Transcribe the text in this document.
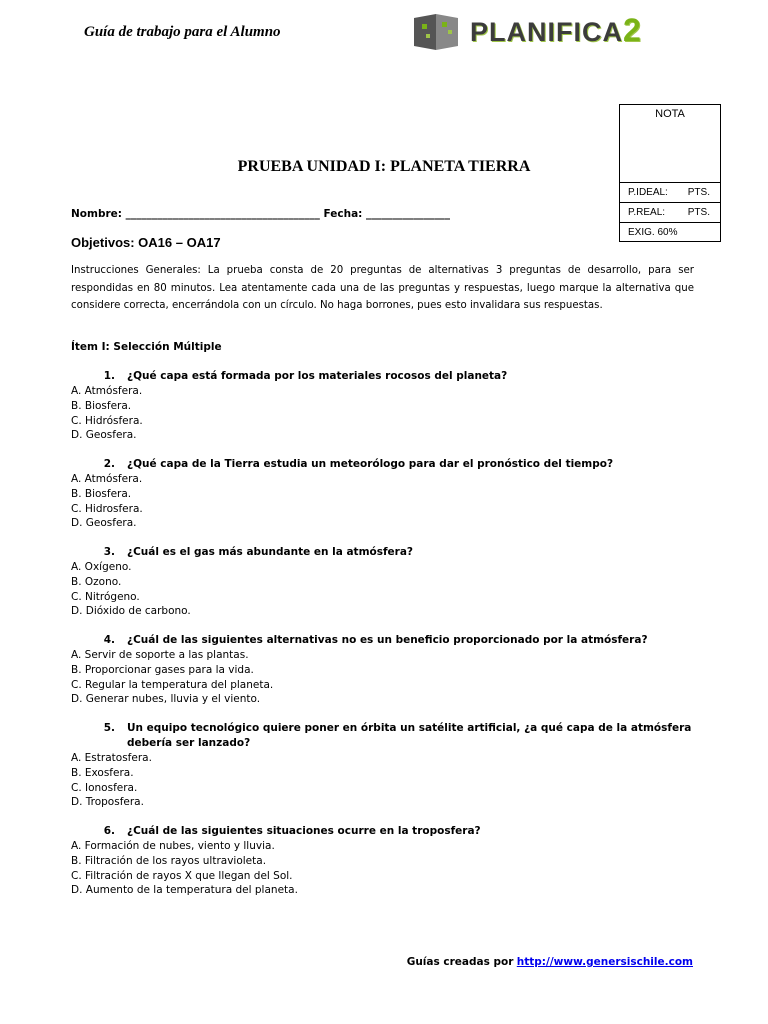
Guía de trabajo para el Alumno	PLANIFICA2
NOTA
P.IDEAL: PTS.
P.REAL: PTS.
EXIG. 60%
PRUEBA UNIDAD I: PLANETA TIERRA
Nombre: _____________________________________ Fecha: ________________
Objetivos: OA16 – OA17
Instrucciones Generales: La prueba consta de 20 preguntas de alternativas 3 preguntas de desarrollo, para ser respondidas en 80 minutos. Lea atentamente cada una de las preguntas y respuestas, luego marque la alternativa que considere correcta, encerrándola con un círculo. No haga borrones, pues esto invalidara sus respuestas.
Ítem I: Selección Múltiple
1.	¿Qué capa está formada por los materiales rocosos del planeta?
A. Atmósfera.
B. Biosfera.
C. Hidrósfera.
D. Geosfera.
2.	¿Qué capa de la Tierra estudia un meteorólogo para dar el pronóstico del tiempo?
A. Atmósfera.
B. Biosfera.
C. Hidrosfera.
D. Geosfera.
3.	¿Cuál es el gas más abundante en la atmósfera?
A. Oxígeno.
B. Ozono.
C. Nitrógeno.
D. Dióxido de carbono.
4.	¿Cuál de las siguientes alternativas no es un beneficio proporcionado por la atmósfera?
A. Servir de soporte a las plantas.
B. Proporcionar gases para la vida.
C. Regular la temperatura del planeta.
D. Generar nubes, lluvia y el viento.
5.	Un equipo tecnológico quiere poner en órbita un satélite artificial, ¿a qué capa de la atmósfera debería ser lanzado?
A. Estratosfera.
B. Exosfera.
C. Ionosfera.
D. Troposfera.
6.	¿Cuál de las siguientes situaciones ocurre en la troposfera?
A. Formación de nubes, viento y lluvia.
B. Filtración de los rayos ultravioleta.
C. Filtración de rayos X que llegan del Sol.
D. Aumento de la temperatura del planeta.
Guías creadas por http://www.genersischile.com
